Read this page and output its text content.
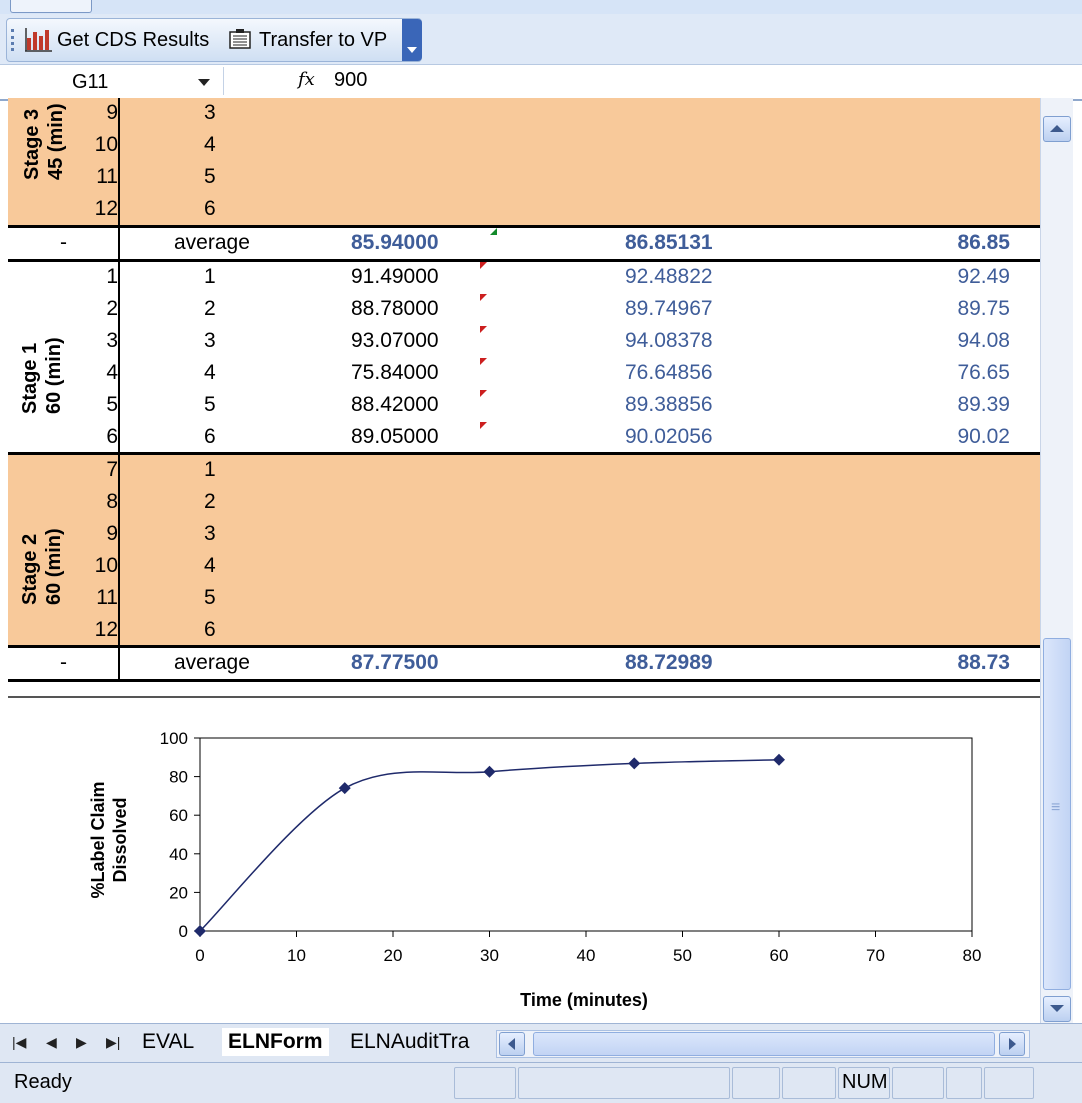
Get CDS Results Transfer to VP
G11	fx 900
Stage 3 45 (min) 9	3
10	4
11	5
12	6
-	average	85.94000	86.85131	86.85
Stage 1 60 (min)
1	1	91.49000	92.48822	92.49
2	2	88.78000	89.74967	89.75
3	3	93.07000	94.08378	94.08
4	4	75.84000	76.64856	76.65
5	5	88.42000	89.38856	89.39
6	6	89.05000	90.02056	90.02
Stage 2 60 (min)
7	1
8	2
9	3
10	4
11	5
12	6
-	average	87.77500	88.72989	88.73
0
20
40
60
80
100
0	10	20	30	40	50	60	70	80
Time (minutes)
%Label Claim Dissolved
≡
|◀ ◀ ▶ ▶| EVAL ELNForm ELNAuditTra
Ready	NUM
